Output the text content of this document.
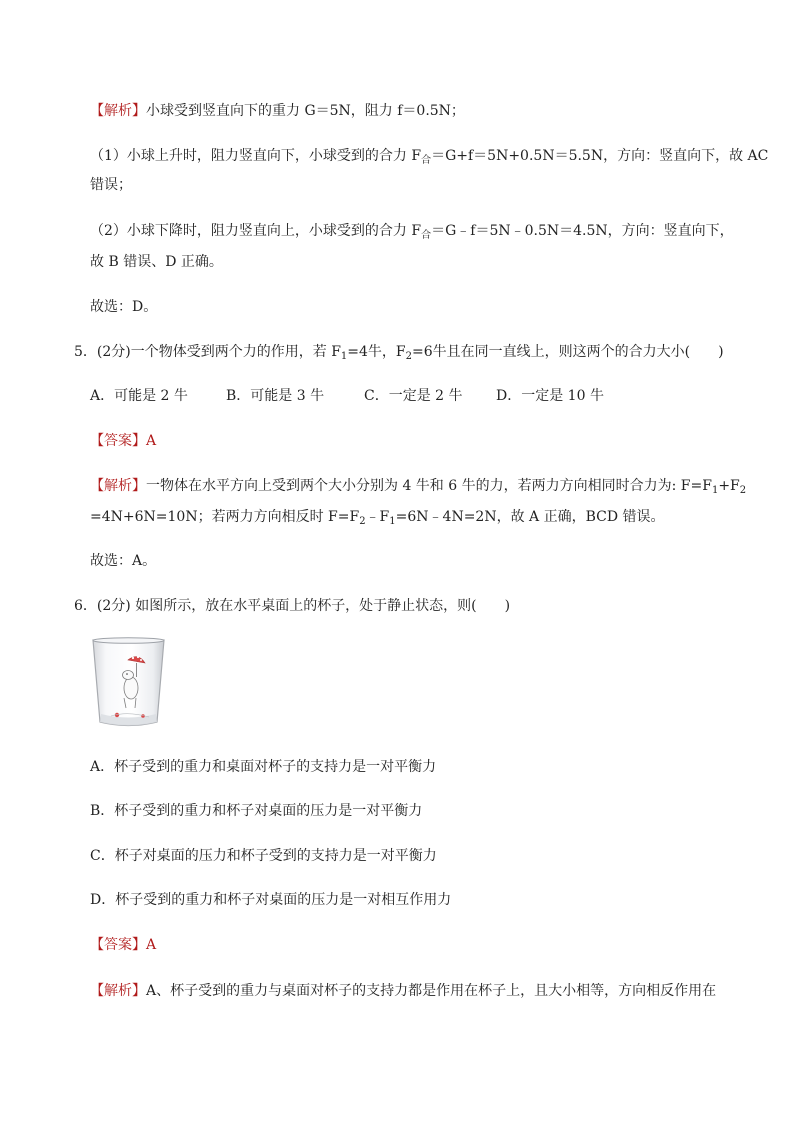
【解析】小球受到竖直向下的重力 G＝5N，阻力 f＝0.5N；
（1）小球上升时，阻力竖直向下，小球受到的合力 $F_合=G+f=5N+0.5N=5.5N$，方向：竖直向下，故 AC
错误；
（2）小球下降时，阻力竖直向上，小球受到的合力 $F_合=G﹣f=5N﹣0.5N=4.5N$，方向：竖直向下，
故 B 错误、D 正确。
故选：D。
5．(2分)一个物体受到两个力的作用，若 $F_1=4$牛，$F_2=6$牛且在同一直线上，则这两个的合力大小(　　)
A．可能是 2 牛	B．可能是 3 牛	C．一定是 2 牛	D．一定是 10 牛
【答案】A
【解析】一物体在水平方向上受到两个大小分别为 4 牛和 6 牛的力，若两力方向相同时合力为: $F=F_1+F_2$
=4N+6N=10N；若两力方向相反时 $F=F_2﹣F_1=6N﹣4N=2N$，故 A 正确，BCD 错误。
故选：A。
6．(2分) 如图所示，放在水平桌面上的杯子，处于静止状态，则(　　)
A．杯子受到的重力和桌面对杯子的支持力是一对平衡力
B．杯子受到的重力和杯子对桌面的压力是一对平衡力
C．杯子对桌面的压力和杯子受到的支持力是一对平衡力
D．杯子受到的重力和杯子对桌面的压力是一对相互作用力
【答案】A
【解析】A、杯子受到的重力与桌面对杯子的支持力都是作用在杯子上，且大小相等，方向相反作用在
